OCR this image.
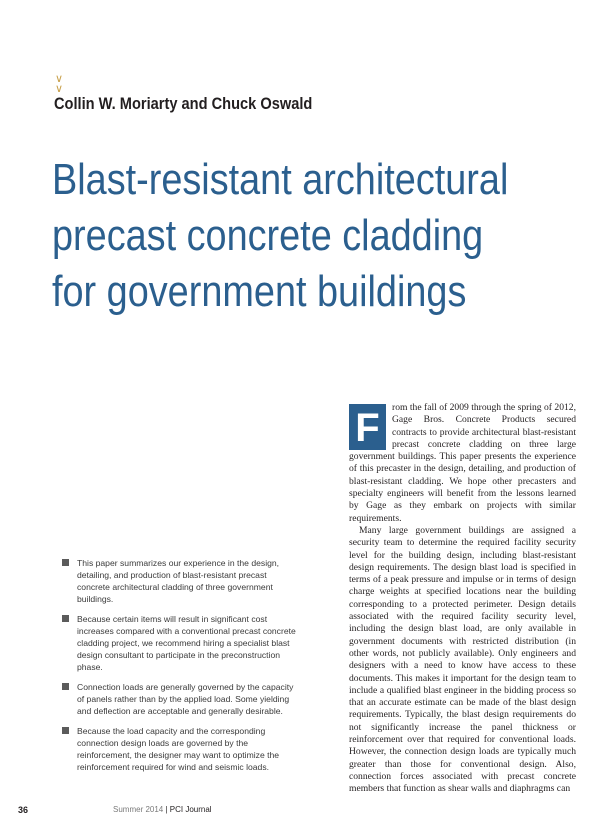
∨
∨
Collin W. Moriarty and Chuck Oswald
Blast-resistant architectural
precast concrete cladding
for government buildings
This paper summarizes our experience in the design, detailing, and production of blast-resistant precast concrete architectural cladding of three government buildings.
Because certain items will result in significant cost increases compared with a conventional precast concrete cladding project, we recommend hiring a specialist blast design consultant to participate in the preconstruction phase.
Connection loads are generally governed by the capacity of panels rather than by the applied load. Some yielding and deflection are acceptable and generally desirable.
Because the load capacity and the corresponding connection design loads are governed by the reinforcement, the designer may want to optimize the reinforcement required for wind and seismic loads.

F	rom the fall of 2009 through the spring of 2012, Gage Bros. Concrete Products secured contracts to provide architectural blast-resistant precast concrete cladding on three large government buildings. This paper presents the experience of this precaster in the design, detailing, and production of blast-resistant cladding. We hope other precasters and specialty engineers will benefit from the lessons learned by Gage as they embark on projects with similar requirements.

Many large government buildings are assigned a security team to determine the required facility security level for the building design, including blast-resistant design requirements. The design blast load is specified in terms of a peak pressure and impulse or in terms of design charge weights at specified locations near the building corresponding to a protected perimeter. Design details associated with the required facility security level, including the design blast load, are only available in government documents with restricted distribution (in other words, not publicly available). Only engineers and designers with a need to know have access to these documents. This makes it important for the design team to include a qualified blast engineer in the bidding process so that an accurate estimate can be made of the blast design requirements. Typically, the blast design requirements do not significantly increase the panel thickness or reinforcement over that required for conventional loads. However, the connection design loads are typically much greater than those for conventional design. Also, connection forces associated with precast concrete members that function as shear walls and diaphragms can

36	Summer 2014 | PCI Journal
